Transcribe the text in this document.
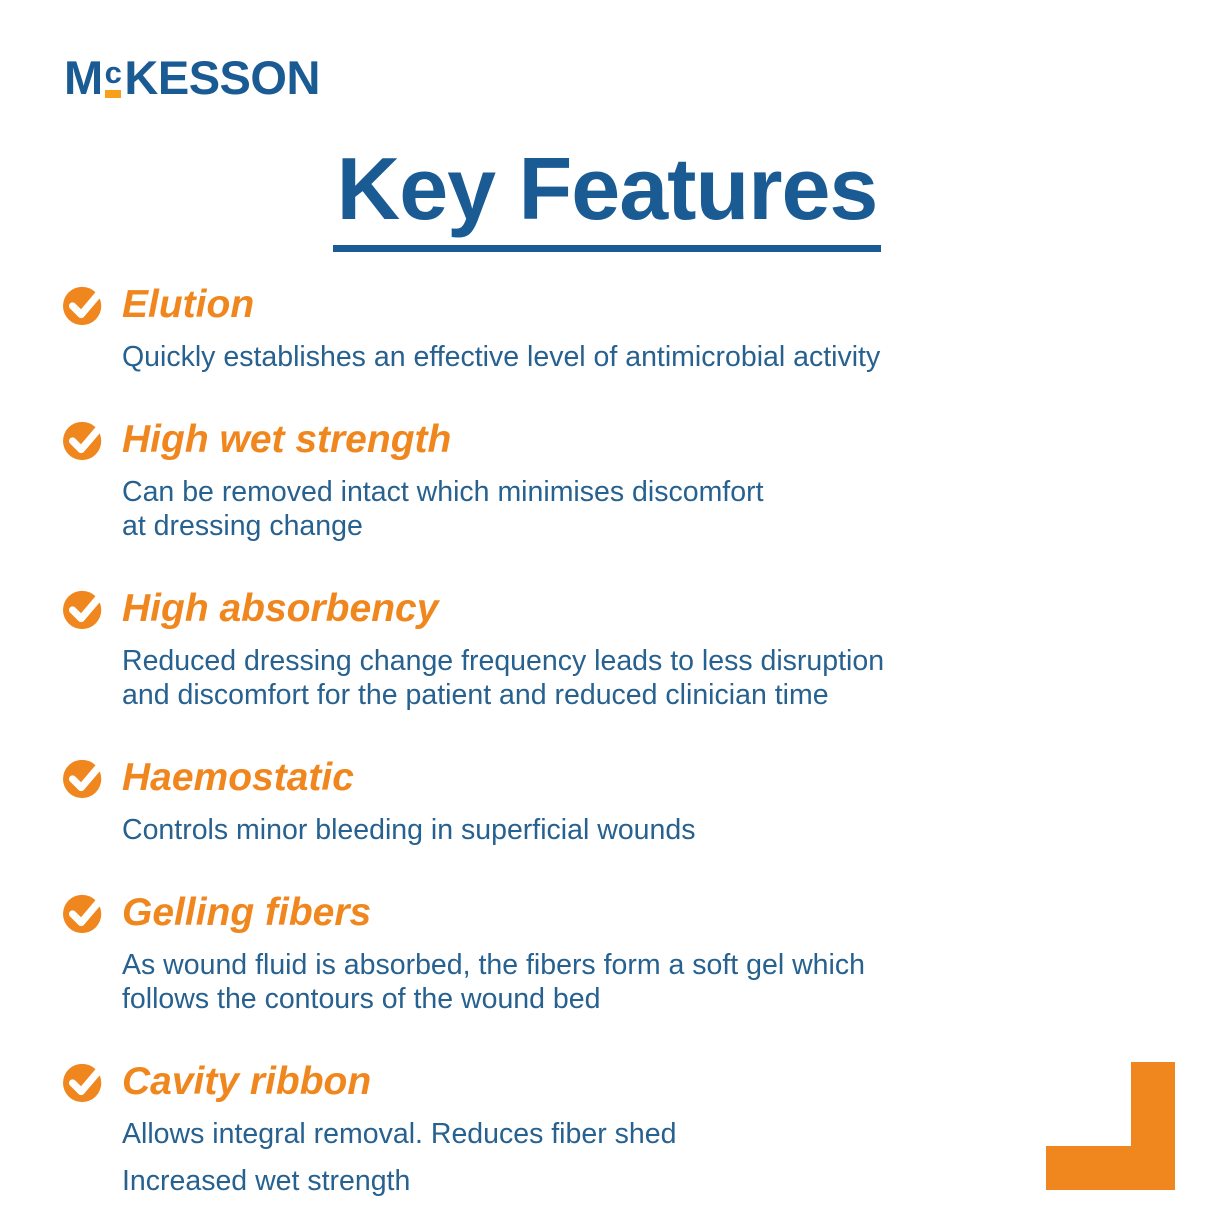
McKESSON
Key Features
Elution

Quickly establishes an effective level of antimicrobial activity

High wet strength

Can be removed intact which minimises discomfort
at dressing change

High absorbency

Reduced dressing change frequency leads to less disruption
and discomfort for the patient and reduced clinician time

Haemostatic

Controls minor bleeding in superficial wounds

Gelling fibers

As wound fluid is absorbed, the fibers form a soft gel which
follows the contours of the wound bed

Cavity ribbon

Allows integral removal. Reduces fiber shed

Increased wet strength
